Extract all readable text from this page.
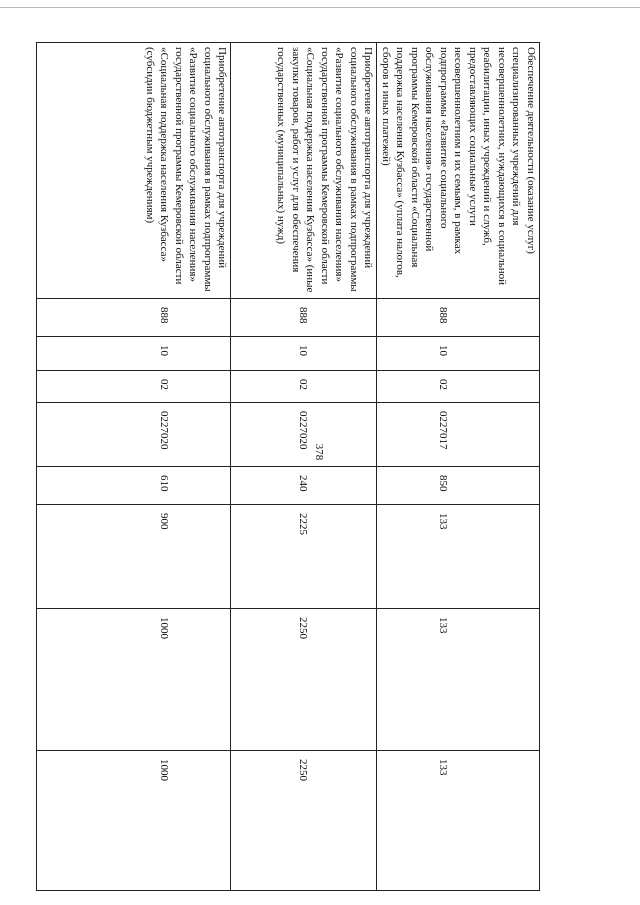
378
Обеспечение деятельности (оказание услуг) специализированных учреждений для несовершеннолетних, нуждающихся в социальной реабилитации, иных учреждений и служб, предоставляющих социальные услуги несовершеннолетним и их семьям, в рамках подпрограммы «Развитие социального обслуживания населения» государственной программы Кемеровской области «Социальная поддержка населения Кузбасса» (уплата налогов, сборов и иных платежей)	888	10	02	0227017	850	133	133	133

Приобретение автотранспорта для учреждений социального обслуживания в рамках подпрограммы «Развитие социального обслуживания населения» государственной программы Кемеровской области «Социальная поддержка населения Кузбасса» (иные закупки товаров, работ и услуг для обеспечения государственных (муниципальных) нужд)	888	10	02	0227020	240	2225	2250	2250

Приобретение автотранспорта для учреждений социального обслуживания в рамках подпрограммы «Развитие социального обслуживания населения» государственной программы Кемеровской области «Социальная поддержка населения Кузбасса» (субсидии бюджетным учреждениям)	888	10	02	0227020	610	900	1000	1000
